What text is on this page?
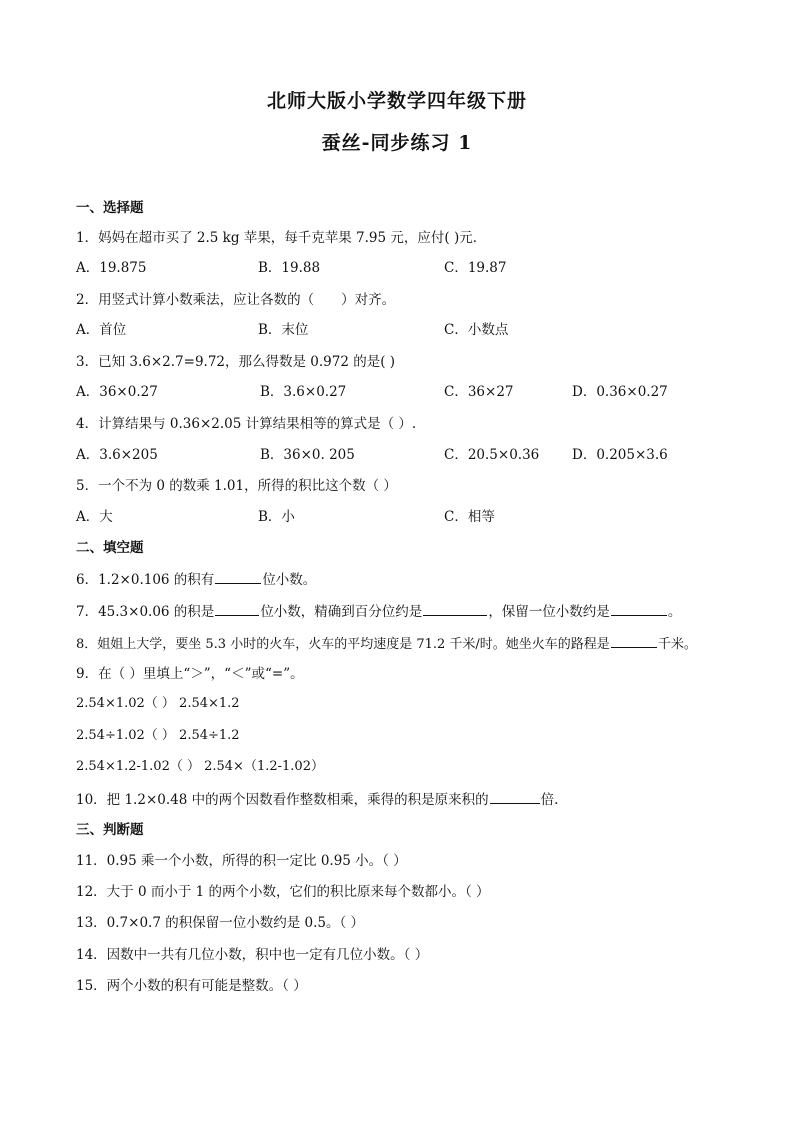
北师大版小学数学四年级下册
蚕丝-同步练习 1
一、选择题
1．妈妈在超市买了 2.5 kg 苹果，每千克苹果 7.95 元，应付( )元．
A．19.875	B．19.88	C．19.87
2．用竖式计算小数乘法，应让各数的（　　）对齐。
A．首位	B．末位	C．小数点
3．已知 3.6×2.7=9.72，那么得数是 0.972 的是( )
A．36×0.27	B．3.6×0.27	C．36×27	D．0.36×0.27
4．计算结果与 0.36×2.05 计算结果相等的算式是（ ）.
A．3.6×205	B．36×0. 205	C．20.5×0.36 D．0.205×3.6
5．一个不为 0 的数乘 1.01，所得的积比这个数（ ）
A．大	B．小	C．相等
二、填空题
6．1.2×0.106 的积有	位小数。
7．45.3×0.06 的积是	位小数，精确到百分位约是	，保留一位小数约是	。
8．姐姐上大学，要坐 5.3 小时的火车，火车的平均速度是 71.2 千米/时。她坐火车的路程是	千米。
9．在（ ）里填上“＞”，“＜”或“=”。
2.54×1.02（ ） 2.54×1.2
2.54÷1.02（ ） 2.54÷1.2
2.54×1.2-1.02（ ） 2.54×（1.2-1.02）
10．把 1.2×0.48 中的两个因数看作整数相乘，乘得的积是原来积的	倍.
三、判断题
11．0.95 乘一个小数，所得的积一定比 0.95 小。（ ）
12．大于 0 而小于 1 的两个小数，它们的积比原来每个数都小。（ ）
13．0.7×0.7 的积保留一位小数约是 0.5。（ ）
14．因数中一共有几位小数，积中也一定有几位小数。（ ）
15．两个小数的积有可能是整数。（ ）
